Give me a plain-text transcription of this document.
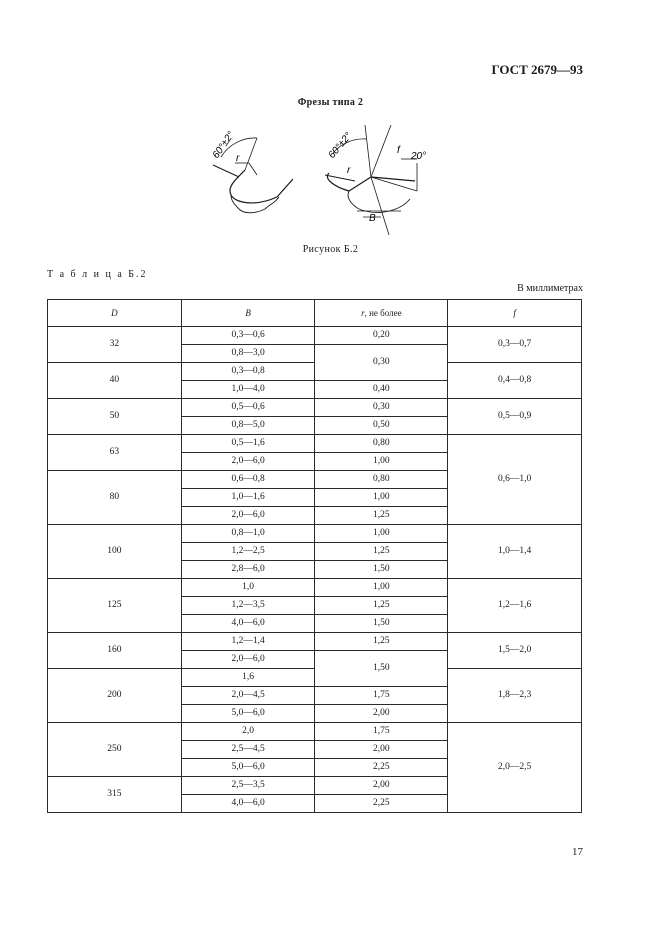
ГОСТ 2679—93
Фрезы типа 2
60°±2° r	60°±2°
r
20°
f
B
Рисунок Б.2
Т а б л и ц а Б.2
В миллиметрах
D	B	r, не более	f
32	0,3—0,6	0,20	0,3—0,7
	0,8—3,0	0,30	
40	0,3—0,8		0,4—0,8
	1,0—4,0	0,40	
50	0,5—0,6	0,30	0,5—0,9
	0,8—5,0	0,50	
63	0,5—1,6	0,80	0,6—1,0
	2,0—6,0	1,00	
80	0,6—0,8	0,80	
	1,0—1,6	1,00	
	2,0—6,0	1,25	
100	0,8—1,0	1,00	1,0—1,4
	1,2—2,5	1,25	
	2,8—6,0	1,50	
125	1,0	1,00	1,2—1,6
	1,2—3,5	1,25	
	4,0—6,0	1,50	
160	1,2—1,4	1,25	1,5—2,0
	2,0—6,0	1,50	
200	1,6		1,8—2,3
	2,0—4,5	1,75	
	5,0—6,0	2,00	
250	2,0	1,75	2,0—2,5
	2,5—4,5	2,00	
	5,0—6,0	2,25	
315	2,5—3,5	2,00	
	4,0—6,0	2,25	
17
